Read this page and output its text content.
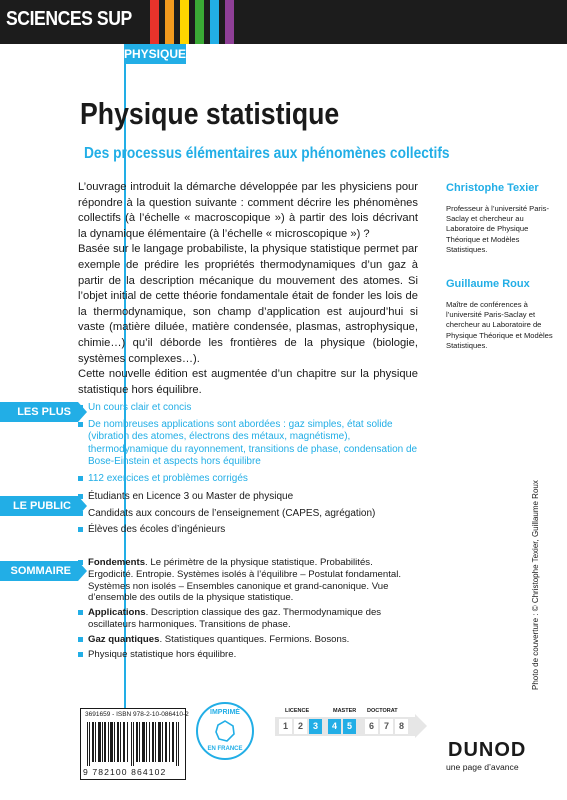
SCIENCES SUP
PHYSIQUE
Physique statistique
Des processus élémentaires aux phénomènes collectifs

L’ouvrage introduit la démarche développée par les physiciens pour répondre à la question suivante : comment décrire les phénomènes collectifs (à l’échelle « macroscopique ») à partir des lois décrivant la dynamique élémentaire (à l’échelle « microscopique ») ?

Basée sur le langage probabiliste, la physique statistique permet par exemple de prédire les propriétés thermodynamiques d’un gaz à partir de la description mécanique du mouvement des atomes. Si l’objet initial de cette théorie fondamentale était de fonder les lois de la thermodynamique, son champ d’application est aujourd’hui si vaste (matière diluée, matière condensée, plasmas, astrophysique, chimie…) qu’il déborde les frontières de la physique (biologie, systèmes complexes…).

Cette nouvelle édition est augmentée d’un chapitre sur la physique statistique hors équilibre.

Christophe Texier
Professeur à l’université Paris-Saclay et chercheur au Laboratoire de Physique Théorique et Modèles Statistiques.
Guillaume Roux
Maître de conférences à l’université Paris-Saclay et chercheur au Laboratoire de Physique Théorique et Modèles Statistiques.
LES PLUS	Un cours clair et concis
De nombreuses applications sont abordées : gaz simples, état solide (vibration des atomes, électrons des métaux, magnétisme), thermodynamique du rayonnement, transitions de phase, condensation de Bose-Einstein et aspects hors équilibre
112 exercices et problèmes corrigés
LE PUBLIC
Étudiants en Licence 3 ou Master de physique
Candidats aux concours de l’enseignement (CAPES, agrégation)
Élèves des écoles d’ingénieurs
SOMMAIRE
Fondements. Le périmètre de la physique statistique. Probabilités. Ergodicité. Entropie. Systèmes isolés à l’équilibre – Postulat fondamental. Systèmes non isolés – Ensembles canonique et grand-canonique. Vue d’ensemble des outils de la physique statistique.
Applications. Description classique des gaz. Thermodynamique des oscillateurs harmoniques. Transitions de phase.
Gaz quantiques. Statistiques quantiques. Fermions. Bosons.
Physique statistique hors équilibre.	Photo de couverture : © Christophe Texier, Guillaume Roux
3691659 - ISBN 978-2-10-086410-2
9 782100 864102
IMPRIMÉ
EN FRANCE
LICENCE	MASTER DOCTORAT
1	2	3	4	5	6	7	8
DUNOD
une page d’avance
